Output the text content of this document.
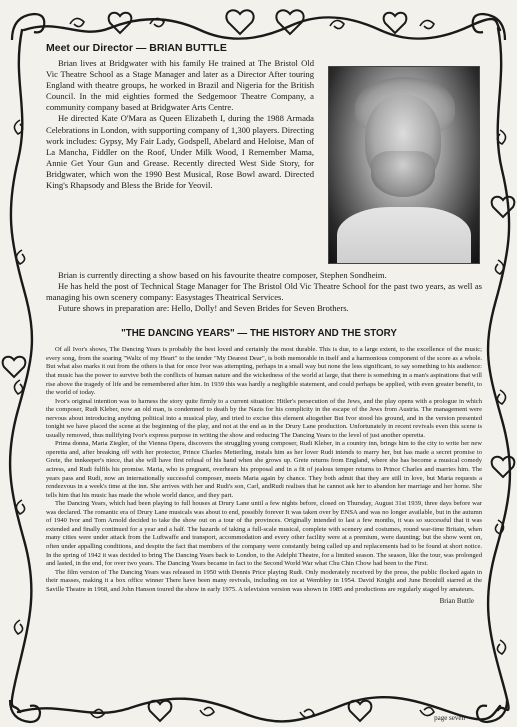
Meet our Director — BRIAN BUTTLE

Brian lives at Bridgwater with his family He trained at The Bristol Old Vic Theatre School as a Stage Manager and later as a Director After touring England with theatre groups, he worked in Brazil and Nigeria for the British Council. In the mid eighties formed the Sedgemoor Theatre Company, a community company based at Bridgwater Arts Centre.

He directed Kate O'Mara as Queen Elizabeth I, during the 1988 Armada Celebrations in London, with supporting company of 1,300 players. Directing work includes: Gypsy, My Fair Lady, Godspell, Abelard and Heloise, Man of La Mancha, Fiddler on the Roof, Under Milk Wood, I Remember Mama, Annie Get Your Gun and Grease. Recently directed West Side Story, for Bridgwater, which won the 1990 Best Musical, Rose Bowl award. Directed King's Rhapsody and Bless the Bride for Yeovil.

Brian is currently directing a show based on his favourite theatre composer, Stephen Sondheim.

He has held the post of Technical Stage Manager for The Bristol Old Vic Theatre School for the past two years, as well as managing his own scenery company: Easystages Theatrical Services.

Future shows in preparation are: Hello, Dolly! and Seven Brides for Seven Brothers.

"THE DANCING YEARS" — THE HISTORY AND THE STORY

Of all Ivor's shows, The Dancing Years is probably the best loved and certainly the most durable. This is due, to a large extent, to the excellence of the music; every song, from the soaring "Waltz of my Heart" to the tender "My Dearest Dear", is both memorable in itself and a harmonious component of the score as a whole. But what also marks it out from the others is that for once Ivor was attempting, perhaps in a small way but none the less significant, to say something to his audience: that music has the power to survive both the conflicts of human nature and the wickedness of the world at large, that there is something in a man's aspirations that will rise above the tragedy of life and be remembered after him. In 1939 this was hardly a negligible statement, and could perhaps be applied, with even greater benefit, to the world of today.

Ivor's original intention was to harness the story quite firmly to a current situation: Hitler's persecution of the Jews, and the play opens with a prologue in which the composer, Rudi Kleber, now an old man, is condemned to death by the Nazis for his complicity in the escape of the Jews from Austria. The management were nervous about introducing anything political into a musical play, and tried to excise this element altogether But Ivor stood his ground, and in the version presented tonight we have placed the scene at the beginning of the play, and not at the end as in the Drury Lane production. Unfortunately in recent revivals even this scene is usually removed, thus nullifying Ivor's express purpose in writing the show and reducing The Dancing Years to the level of just another operetta.

Prima donna, Maria Ziegler, of the Vienna Opera, discovers the struggling young composer, Rudi Kleber, in a country inn, brings him to the city to write her new operetta and, after breaking off with her protector, Prince Charles Metterling, instals him as her lover Rudi intends to marry her, but has made a secret promise to Grete, the innkeeper's niece, that she will have first refusal of his hand when she grows up. Grete returns from England, where she has become a musical comedy actress, and Rudi fulfils his promise. Maria, who is pregnant, overhears his proposal and in a fit of jealous temper returns to Prince Charles and marries him. The years pass and Rudi, now an internationally successful composer, meets Maria again by chance. They both admit that they are still in love, but Maria requests a rendezvous in a week's time at the inn. She arrives with her and Rudi's son, Carl, andRudi realises that he cannot ask her to abandon her marriage and her home. She tells him that his music has made the whole world dance, and they part.

The Dancing Years, which had been playing to full houses at Drury Lane until a few nights before, closed on Thursday, August 31st 1939, three days before war was declared. The romantic era of Drury Lane musicals was about to end, possibly forever It was taken over by ENSA and was no longer available, but in the autumn of 1940 Ivor and Tom Arnold decided to take the show out on a tour of the provinces. Originally intended to last a few months, it was so successful that it was extended and finally continued for a year and a half. The hazards of taking a full-scale musical, complete with scenery and costumes, round war-time Britain, when many cities were under attack from the Luftwaffe and transport, accommodation and every other facility were at a premium, were daunting; but the show went on, often under appalling conditions, and despite the fact that members of the company were constantly being called up and replacements had to be found at short notice. In the spring of 1942 it was decided to bring The Dancing Years back to London, to the Adelphi Theatre, for a limited season. The season, like the tour, was prolonged and lasted, in the end, for over two years. The Dancing Years became in fact to the Second World War what Chu Chin Chow had been to the First.

The film version of The Dancing Years was released in 1950 with Dennis Price playing Rudi. Only moderately received by the press, the public flocked again in their masses, making it a box office winner There have been many revivals, including on ice at Wembley in 1954. David Knight and June Bronhill starred at the Saville Theatre in 1968, and John Hanson toured the show in early 1975. A television version was shown in 1985 and productions are regularly staged by amateurs.

Brian Buttle
page seven
